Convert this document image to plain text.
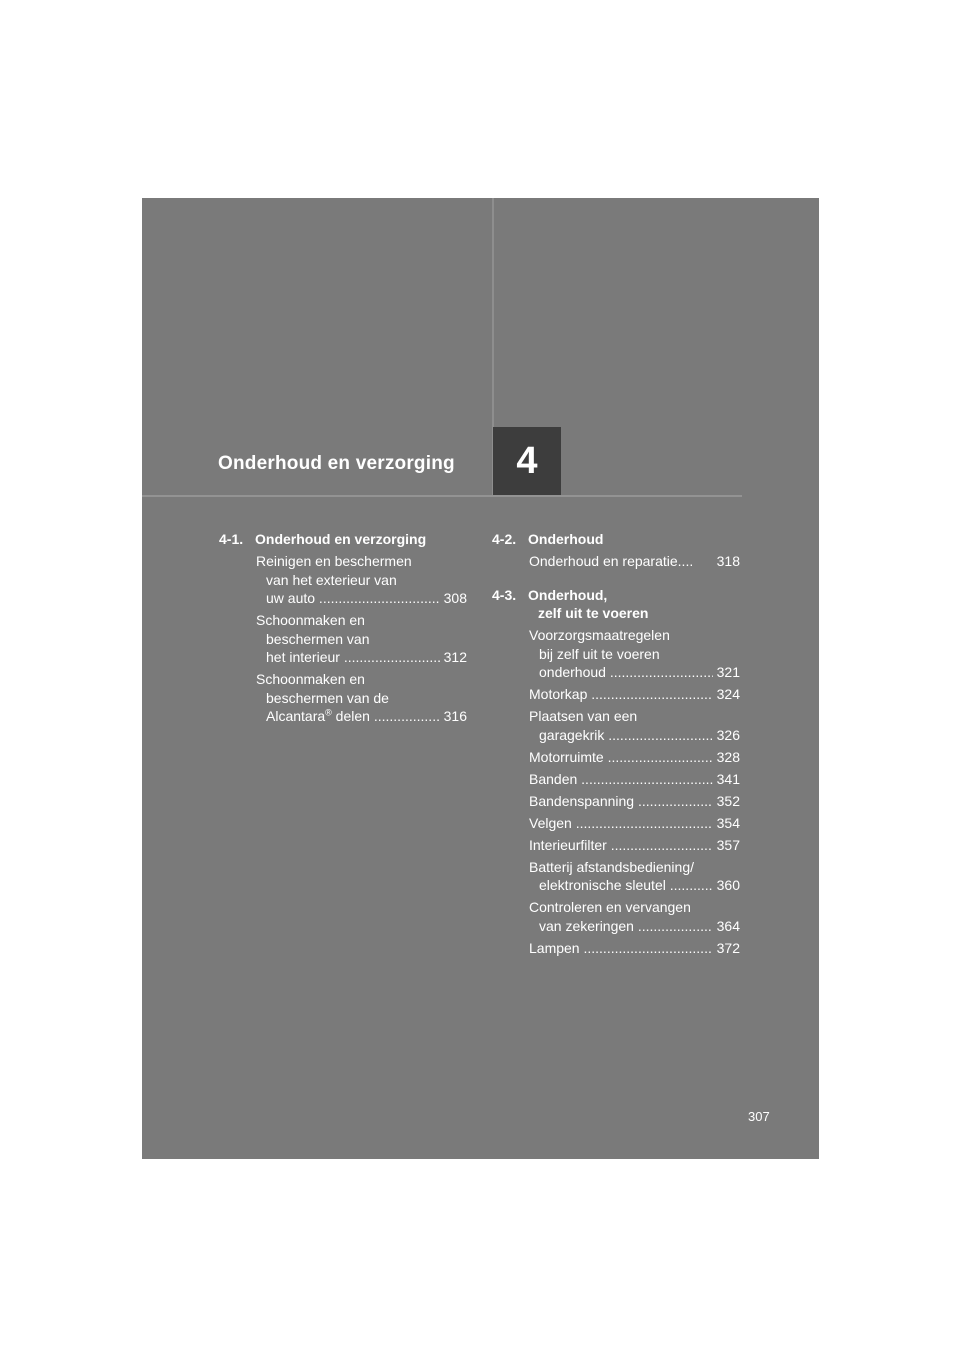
Onderhoud en verzorging 4
4-1. Onderhoud en verzorging
Reinigen en beschermen
van het exterieur van
uw auto .....	308
Schoonmaken en
beschermen van
het interieur .....	312
Schoonmaken en
beschermen van de
Alcantara® delen .....	316
4-2. Onderhoud
Onderhoud en reparatie....	318
4-3. Onderhoud,
zelf uit te voeren
Voorzorgsmaatregelen
bij zelf uit te voeren
onderhoud .....	321
Motorkap .....	324
Plaatsen van een
garagekrik .....	326
Motorruimte .....	328
Banden .....	341
Bandenspanning .....	352
Velgen .....	354
Interieurfilter .....	357
Batterij afstandsbediening/
elektronische sleutel .....	360
Controleren en vervangen
van zekeringen .....	364
Lampen .....	372
307
